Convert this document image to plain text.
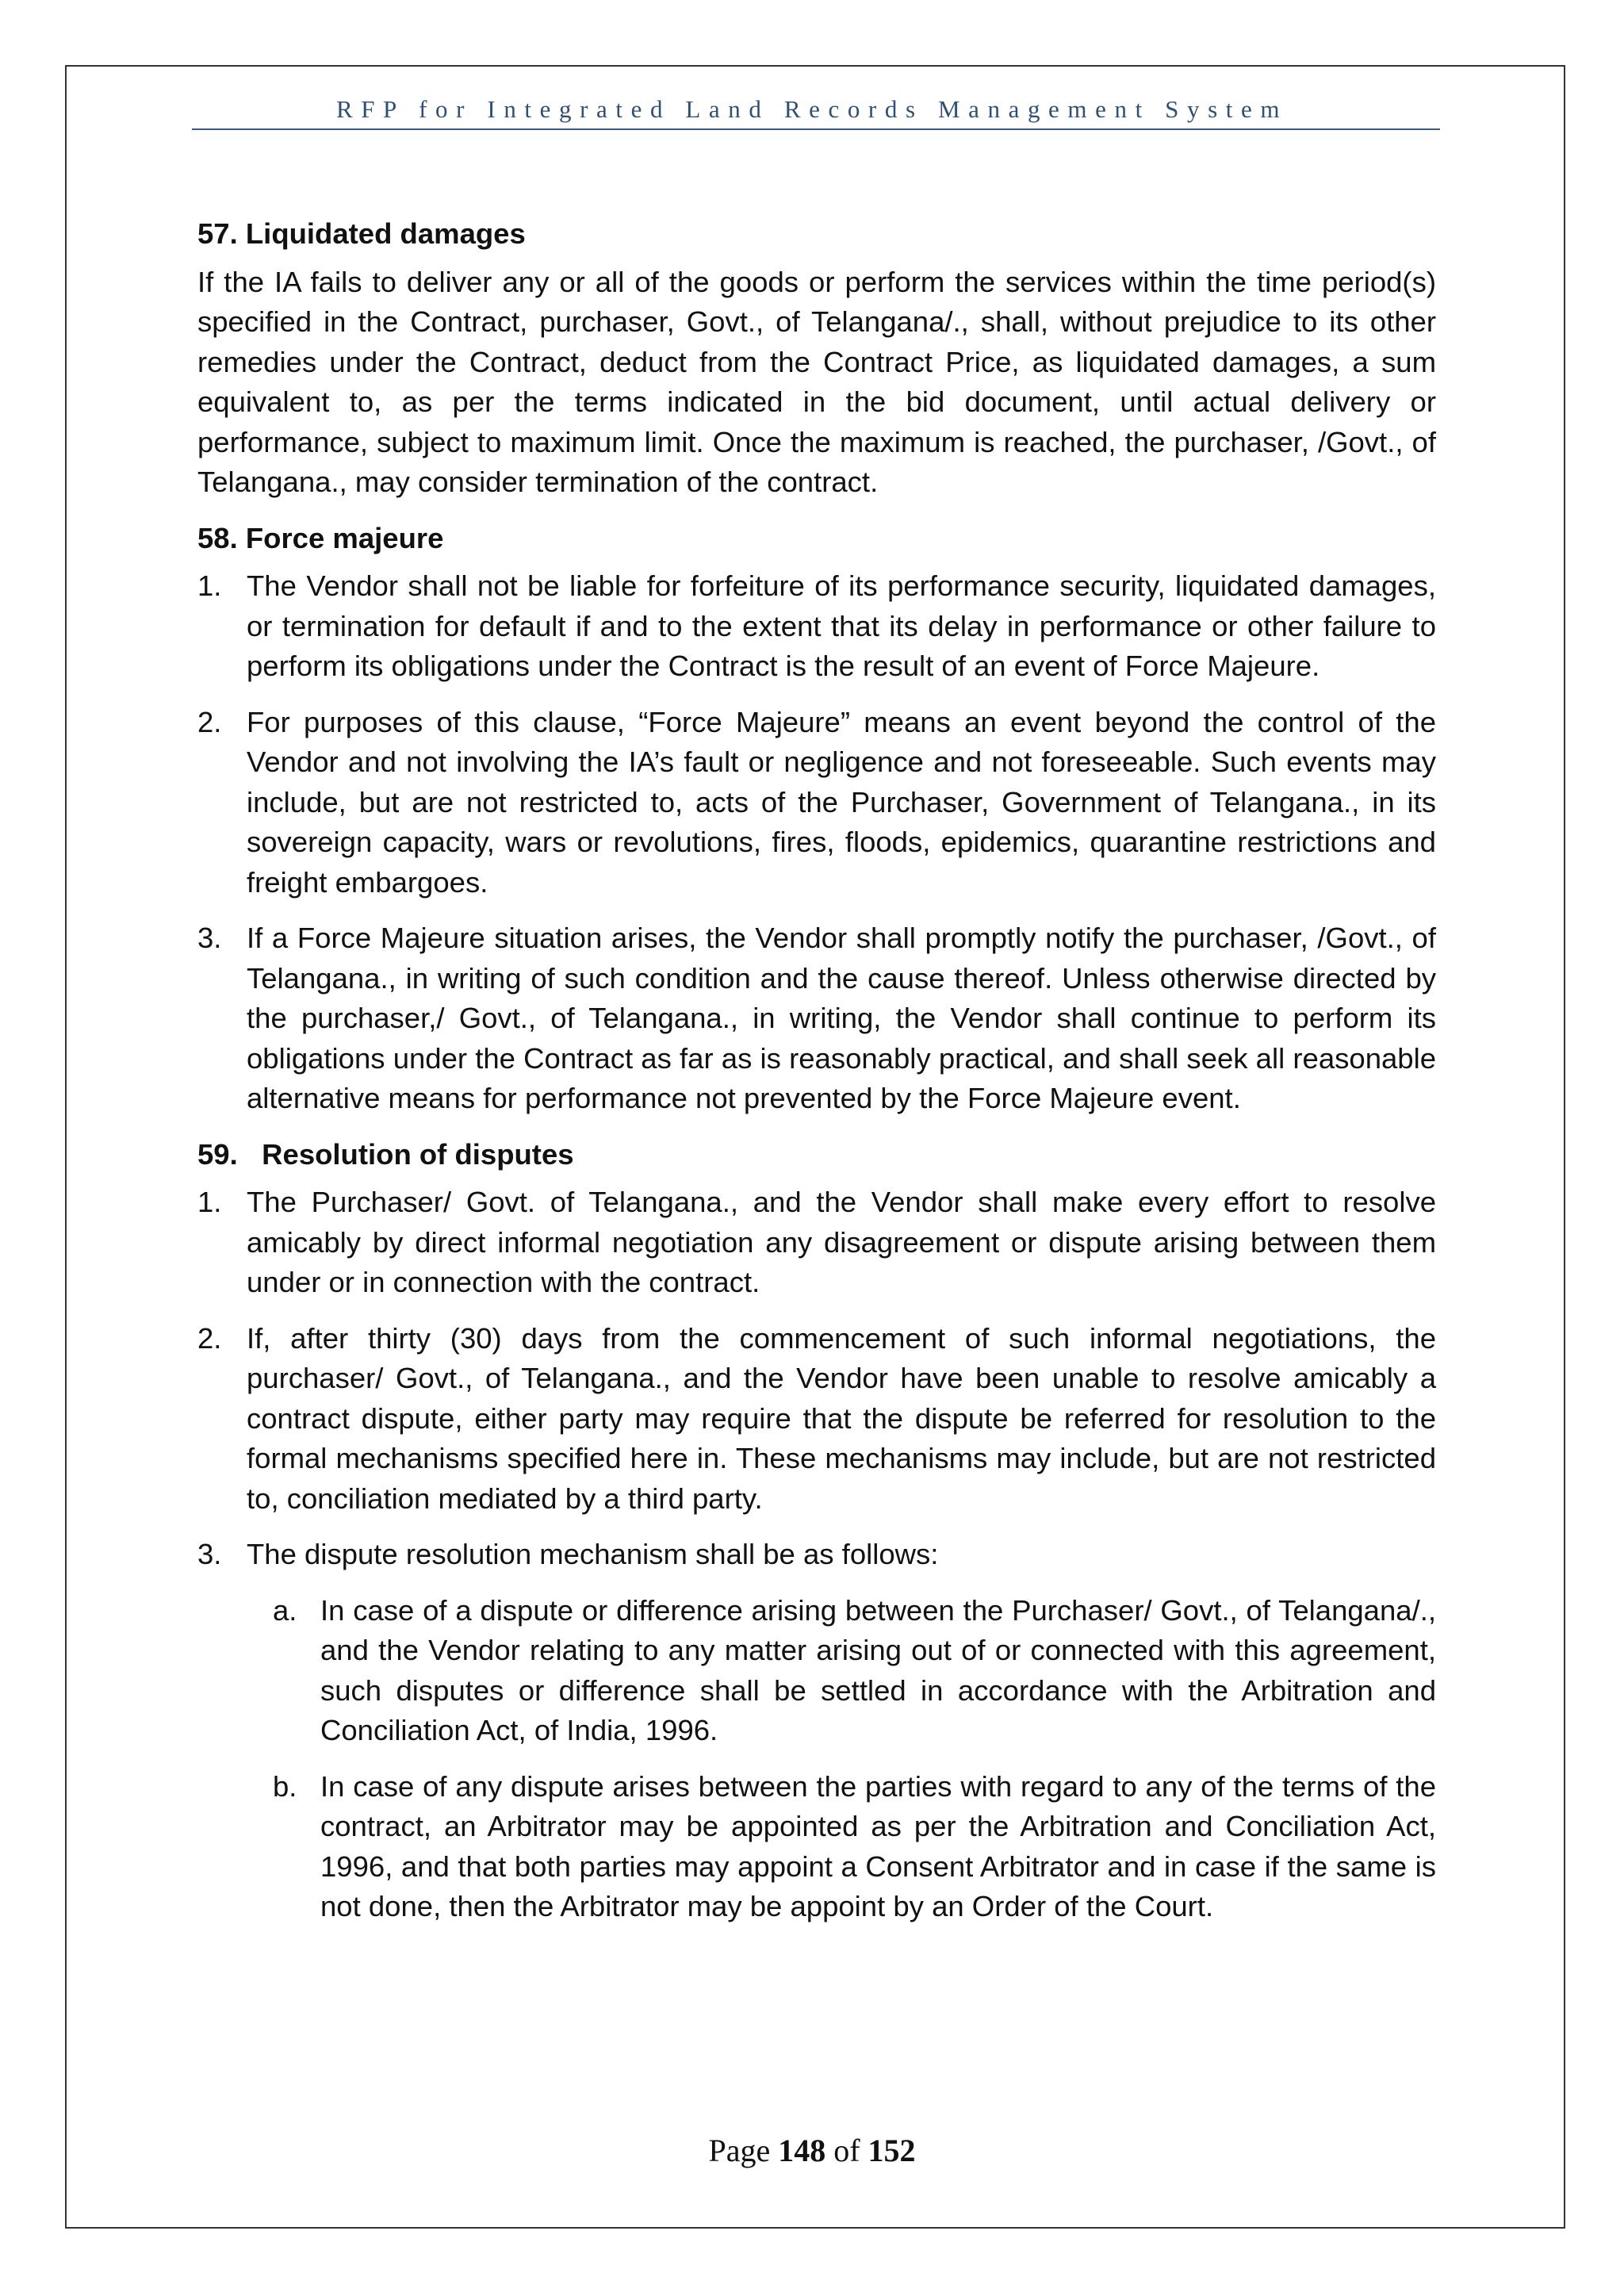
RFP for Integrated Land Records Management System
57. Liquidated damages
If the IA fails to deliver any or all of the goods or perform the services within the time period(s) specified in the Contract, purchaser, Govt., of Telangana/., shall, without prejudice to its other remedies under the Contract, deduct from the Contract Price, as liquidated damages, a sum equivalent to, as per the terms indicated in the bid document, until actual delivery or performance, subject to maximum limit. Once the maximum is reached, the purchaser, /Govt., of Telangana., may consider termination of the contract.
58. Force majeure
1. The Vendor shall not be liable for forfeiture of its performance security, liquidated damages, or termination for default if and to the extent that its delay in performance or other failure to perform its obligations under the Contract is the result of an event of Force Majeure.
2. For purposes of this clause, “Force Majeure” means an event beyond the control of the Vendor and not involving the IA’s fault or negligence and not foreseeable. Such events may include, but are not restricted to, acts of the Purchaser, Government of Telangana., in its sovereign capacity, wars or revolutions, fires, floods, epidemics, quarantine restrictions and freight embargoes.
3. If a Force Majeure situation arises, the Vendor shall promptly notify the purchaser, /Govt., of Telangana., in writing of such condition and the cause thereof. Unless otherwise directed by the purchaser,/ Govt., of Telangana., in writing, the Vendor shall continue to perform its obligations under the Contract as far as is reasonably practical, and shall seek all reasonable alternative means for performance not prevented by the Force Majeure event.
59.   Resolution of disputes
1. The Purchaser/ Govt. of Telangana., and the Vendor shall make every effort to resolve amicably by direct informal negotiation any disagreement or dispute arising between them under or in connection with the contract.
2. If, after thirty (30) days from the commencement of such informal negotiations, the purchaser/ Govt., of Telangana., and the Vendor have been unable to resolve amicably a contract dispute, either party may require that the dispute be referred for resolution to the formal mechanisms specified here in. These mechanisms may include, but are not restricted to, conciliation mediated by a third party.
3. The dispute resolution mechanism shall be as follows:
a. In case of a dispute or difference arising between the Purchaser/ Govt., of Telangana/., and the Vendor relating to any matter arising out of or connected with this agreement, such disputes or difference shall be settled in accordance with the Arbitration and Conciliation Act, of India, 1996.
b. In case of any dispute arises between the parties with regard to any of the terms of the contract, an Arbitrator may be appointed as per the Arbitration and Conciliation Act, 1996, and that both parties may appoint a Consent Arbitrator and in case if the same is not done, then the Arbitrator may be appoint by an Order of the Court.
Page 148 of 152
